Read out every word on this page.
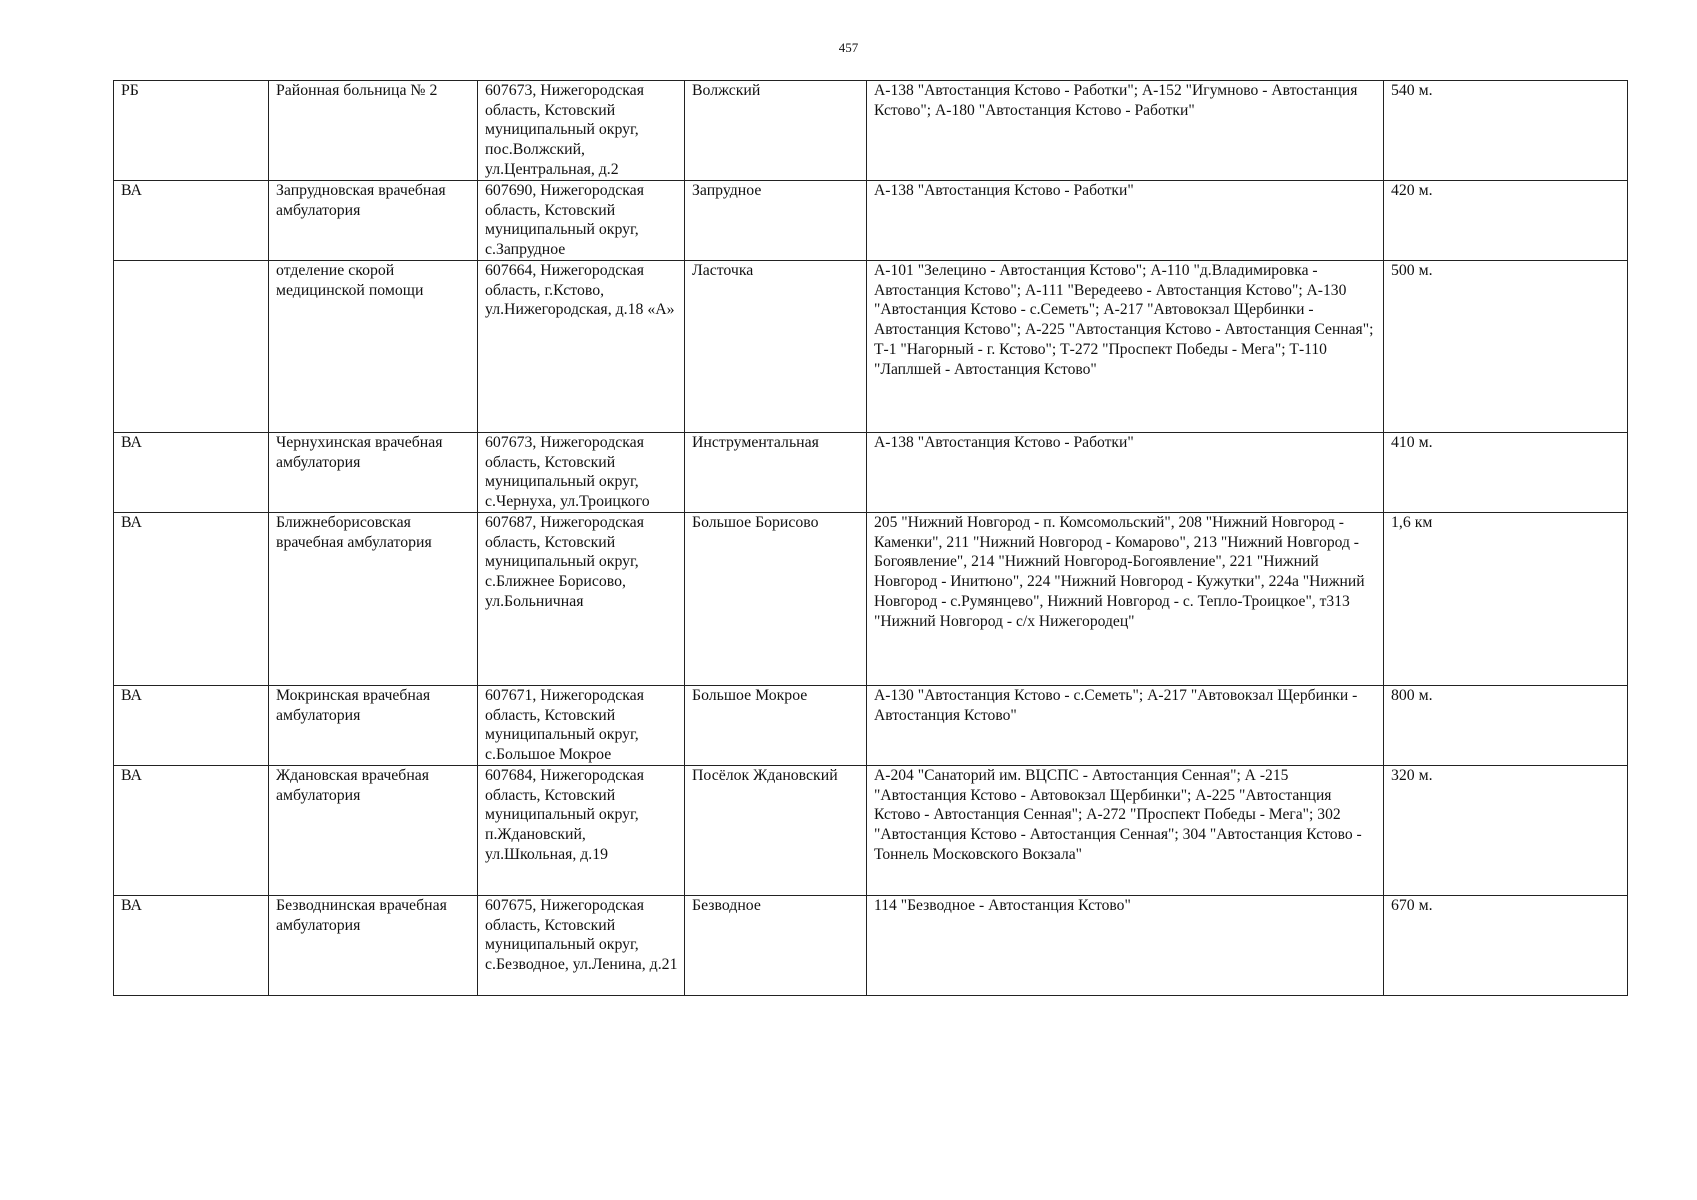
457
РБ	Районная больница № 2	607673, Нижегородская область, Кстовский муниципальный округ, пос.Волжский, ул.Центральная, д.2	Волжский	А-138 "Автостанция Кстово - Работки"; А-152 "Игумново - Автостанция Кстово"; А-180 "Автостанция Кстово - Работки"	540 м.
ВА	Запрудновская врачебная амбулатория	607690, Нижегородская область, Кстовский муниципальный округ, с.Запрудное	Запрудное	А-138 "Автостанция Кстово - Работки"	420 м.
	отделение скорой медицинской помощи	607664, Нижегородская область, г.Кстово, ул.Нижегородская, д.18 «А»	Ласточка	А-101 "Зелецино - Автостанция Кстово"; А-110 "д.Владимировка - Автостанция Кстово"; А-111 "Вередеево - Автостанция Кстово"; А-130 "Автостанция Кстово - с.Семеть"; А-217 "Автовокзал Щербинки - Автостанция Кстово"; А-225 "Автостанция Кстово - Автостанция Сенная"; Т-1 "Нагорный - г. Кстово"; Т-272 "Проспект Победы - Мега"; Т-110 "Лаплшей - Автостанция Кстово"	500 м.
ВА	Чернухинская врачебная амбулатория	607673, Нижегородская область, Кстовский муниципальный округ, с.Чернуха, ул.Троицкого	Инструментальная	А-138 "Автостанция Кстово - Работки"	410 м.
ВА	Ближнеборисовская врачебная амбулатория	607687, Нижегородская область, Кстовский муниципальный округ, с.Ближнее Борисово, ул.Больничная	Большое Борисово	205 "Нижний Новгород - п. Комсомольский", 208 "Нижний Новгород - Каменки", 211 "Нижний Новгород - Комарово", 213 "Нижний Новгород - Богоявление", 214 "Нижний Новгород-Богоявление", 221 "Нижний Новгород - Инитюно", 224 "Нижний Новгород - Кужутки", 224а "Нижний Новгород - с.Румянцево", Нижний Новгород - с. Тепло-Троицкое", т313 "Нижний Новгород - с/х Нижегородец"	1,6 км
ВА	Мокринская врачебная амбулатория	607671, Нижегородская область, Кстовский муниципальный округ, с.Большое Мокрое	Большое Мокрое	А-130 "Автостанция Кстово - с.Семеть"; А-217 "Автовокзал Щербинки - Автостанция Кстово"	800 м.
ВА	Ждановская врачебная амбулатория	607684, Нижегородская область, Кстовский муниципальный округ, п.Ждановский, ул.Школьная, д.19	Посёлок Ждановский	А-204 "Санаторий им. ВЦСПС - Автостанция Сенная"; А -215 "Автостанция Кстово - Автовокзал Щербинки"; А-225 "Автостанция Кстово - Автостанция Сенная"; А-272 "Проспект Победы - Мега"; 302 "Автостанция Кстово - Автостанция Сенная"; 304 "Автостанция Кстово - Тоннель Московского Вокзала"	320 м.
ВА	Безводнинская врачебная амбулатория	607675, Нижегородская область, Кстовский муниципальный округ, с.Безводное, ул.Ленина, д.21	Безводное	114 "Безводное - Автостанция Кстово"	670 м.
